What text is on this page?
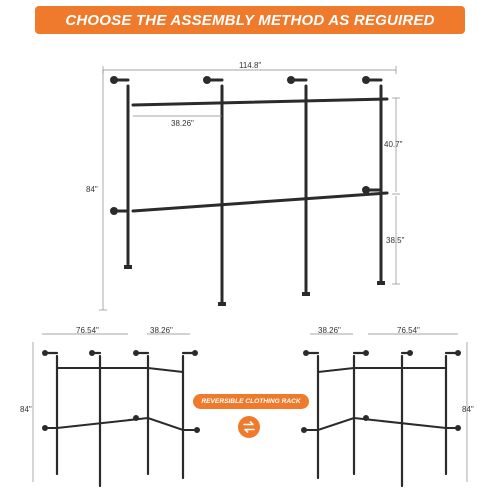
CHOOSE THE ASSEMBLY METHOD AS REGUIRED
114.8"
38.26"
84"
40.7"
38.5"
76.54"	38.26"
84"
38.26"	76.54"
84"
REVERSIBLE CLOTHING RACK
